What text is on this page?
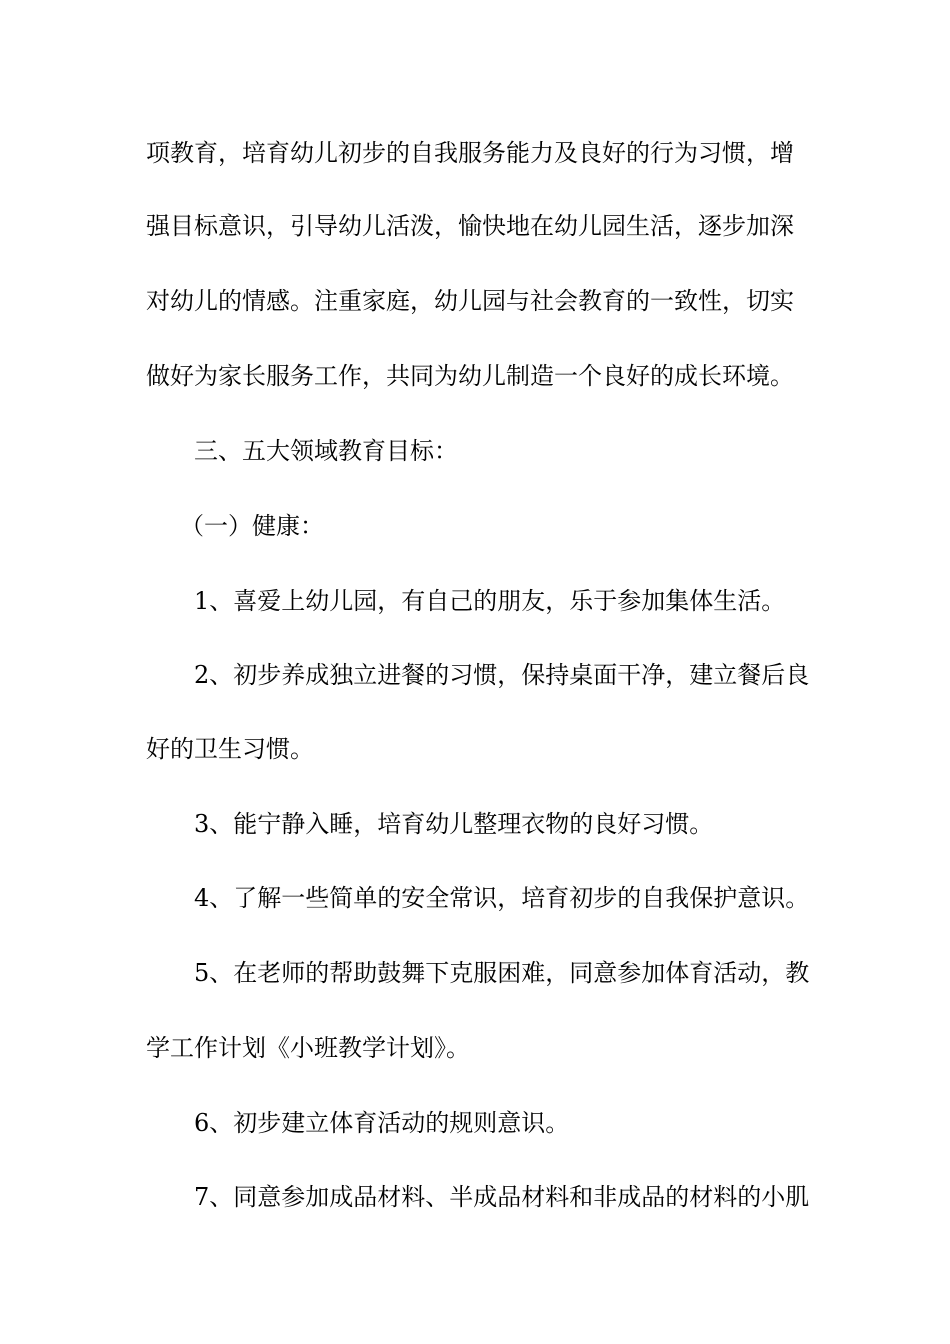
项教育，培育幼儿初步的自我服务能力及良好的行为习惯，增
强目标意识，引导幼儿活泼，愉快地在幼儿园生活，逐步加深
对幼儿的情感。注重家庭，幼儿园与社会教育的一致性，切实
做好为家长服务工作，共同为幼儿制造一个良好的成长环境。
三、五大领域教育目标：
（一）健康：
1、喜爱上幼儿园，有自己的朋友，乐于参加集体生活。
2、初步养成独立进餐的习惯，保持桌面干净，建立餐后良
好的卫生习惯。
3、能宁静入睡，培育幼儿整理衣物的良好习惯。
4、了解一些简单的安全常识，培育初步的自我保护意识。
5、在老师的帮助鼓舞下克服困难，同意参加体育活动，教
学工作计划《小班教学计划》。
6、初步建立体育活动的规则意识。
7、同意参加成品材料、半成品材料和非成品的材料的小肌
